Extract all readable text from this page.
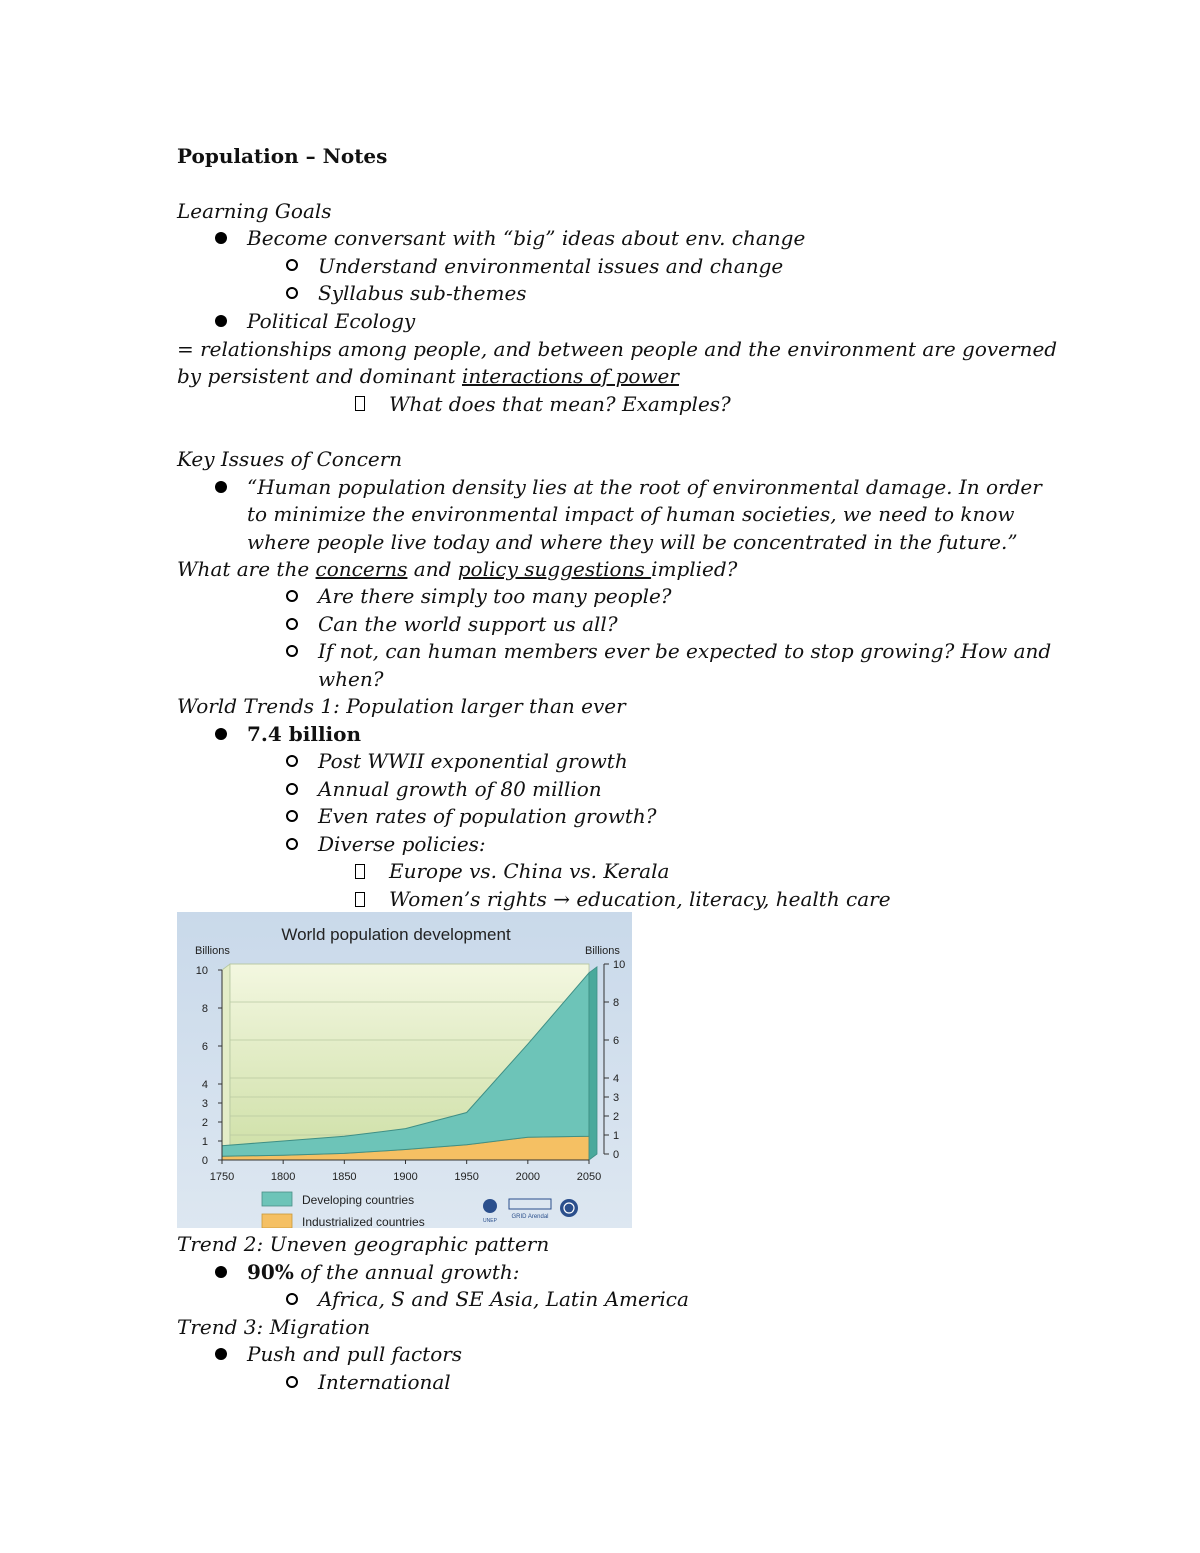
Population – Notes
Learning Goals
Become conversant with “big” ideas about env. change
Understand environmental issues and change
Syllabus sub-themes
Political Ecology
= relationships among people, and between people and the environment are governed
by persistent and dominant interactions of power
What does that mean? Examples?
Key Issues of Concern
“Human population density lies at the root of environmental damage. In order
to minimize the environmental impact of human societies, we need to know
where people live today and where they will be concentrated in the future.”
What are the concerns and policy suggestions implied?
Are there simply too many people?
Can the world support us all?
If not, can human members ever be expected to stop growing? How and
when?
World Trends 1: Population larger than ever
7.4 billion
Post WWII exponential growth
Annual growth of 80 million
Even rates of population growth?
Diverse policies:
Europe vs. China vs. Kerala
Women’s rights → education, literacy, health care
0
1
2
3
4
6
8
10
0
1
2
3
4
6
8
10
1750	1800	1850	1900	1950	2000	2050
World population development
Billions	Billions
Developing countries
Industrialized countries	UNEP
GRID Arendal
UN
Trend 2: Uneven geographic pattern
90% of the annual growth:
Africa, S and SE Asia, Latin America
Trend 3: Migration
Push and pull factors
International
